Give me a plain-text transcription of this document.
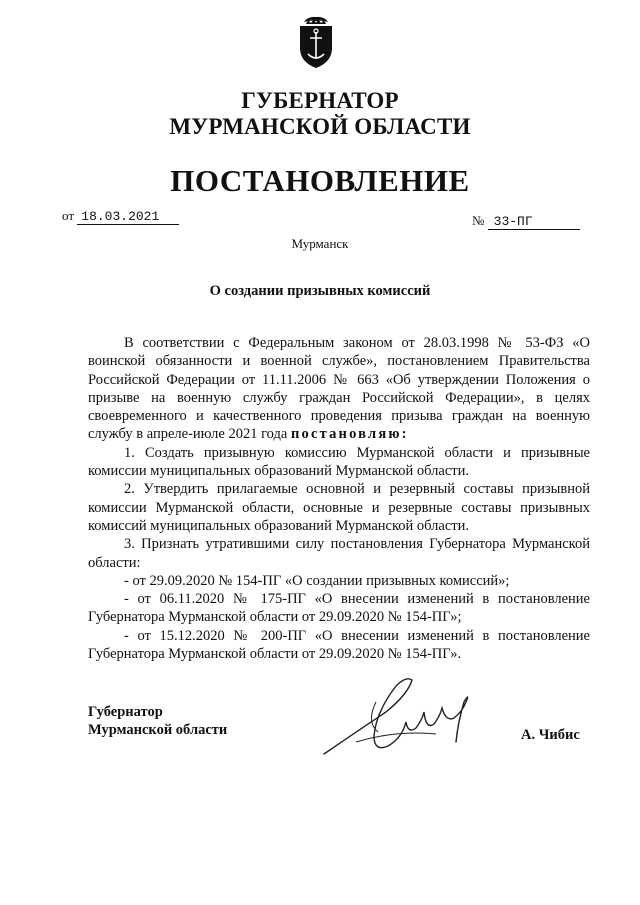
ГУБЕРНАТОР
МУРМАНСКОЙ ОБЛАСТИ
ПОСТАНОВЛЕНИЕ
от 18.03.2021	№ 33-ПГ
Мурманск
О создании призывных комиссий

В соответствии с Федеральным законом от 28.03.1998 № 53-ФЗ «О воинской обязанности и военной службе», постановлением Правительства Российской Федерации от 11.11.2006 № 663 «Об утверждении Положения о призыве на военную службу граждан Российской Федерации», в целях своевременного и качественного проведения призыва граждан на военную службу в апреле-июле 2021 года постановляю:

1. Создать призывную комиссию Мурманской области и призывные комиссии муниципальных образований Мурманской области.

2. Утвердить прилагаемые основной и резервный составы призывной комиссии Мурманской области, основные и резервные составы призывных комиссий муниципальных образований Мурманской области.

3. Признать утратившими силу постановления Губернатора Мурманской области:

- от 29.09.2020 № 154-ПГ «О создании призывных комиссий»;

- от 06.11.2020 № 175-ПГ «О внесении изменений в постановление Губернатора Мурманской области от 29.09.2020 № 154-ПГ»;

- от 15.12.2020 № 200-ПГ «О внесении изменений в постановление Губернатора Мурманской области от 29.09.2020 № 154-ПГ».

Губернатор
Мурманской области	А. Чибис
